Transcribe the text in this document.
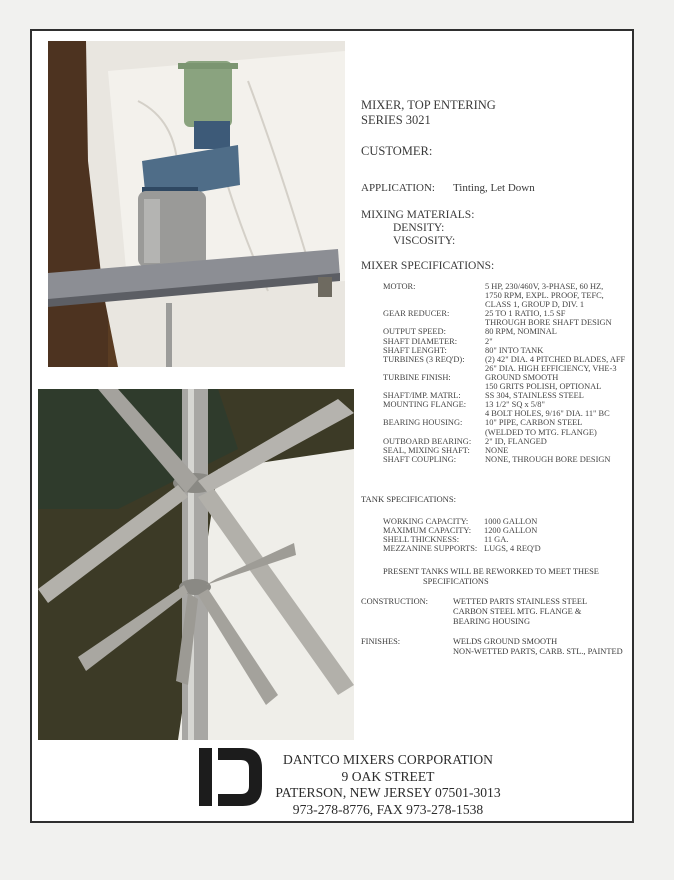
MIXER, TOP ENTERING
SERIES 3021
CUSTOMER:
APPLICATION: Tinting, Let Down
MIXING MATERIALS:
DENSITY:
VISCOSITY:
MIXER SPECIFICATIONS:
MOTOR:	5 HP, 230/460V, 3-PHASE, 60 HZ,
1750 RPM, EXPL. PROOF, TEFC,
CLASS 1, GROUP D, DIV. 1
GEAR REDUCER:	25 TO 1 RATIO, 1.5 SF
THROUGH BORE SHAFT DESIGN
OUTPUT SPEED:	80 RPM, NOMINAL
SHAFT DIAMETER:	2"
SHAFT LENGHT:	80" INTO TANK
TURBINES (3 REQ'D): (2) 42" DIA. 4 PITCHED BLADES, AFF
26" DIA. HIGH EFFICIENCY, VHE-3
TURBINE FINISH:	GROUND SMOOTH
150 GRITS POLISH, OPTIONAL
SHAFT/IMP. MATRL:	SS 304, STAINLESS STEEL
MOUNTING FLANGE: 13 1/2" SQ x 5/8"
4 BOLT HOLES, 9/16" DIA. 11" BC
BEARING HOUSING:	10" PIPE, CARBON STEEL
(WELDED TO MTG. FLANGE)
OUTBOARD BEARING: 2" ID, FLANGED
SEAL, MIXING SHAFT: NONE
SHAFT COUPLING:	NONE, THROUGH BORE DESIGN
TANK SPECIFICATIONS:
WORKING CAPACITY: 1000 GALLON
MAXIMUM CAPACITY: 1200 GALLON
SHELL THICKNESS:	11 GA.
MEZZANINE SUPPORTS: LUGS, 4 REQ'D
PRESENT TANKS WILL BE REWORKED TO MEET THESE
SPECIFICATIONS
CONSTRUCTION:	WETTED PARTS STAINLESS STEEL
CARBON STEEL MTG. FLANGE &
BEARING HOUSING
FINISHES:	WELDS GROUND SMOOTH
NON-WETTED PARTS, CARB. STL., PAINTED
DANTCO MIXERS CORPORATION
9 OAK STREET
PATERSON, NEW JERSEY 07501-3013
973-278-8776, FAX 973-278-1538
